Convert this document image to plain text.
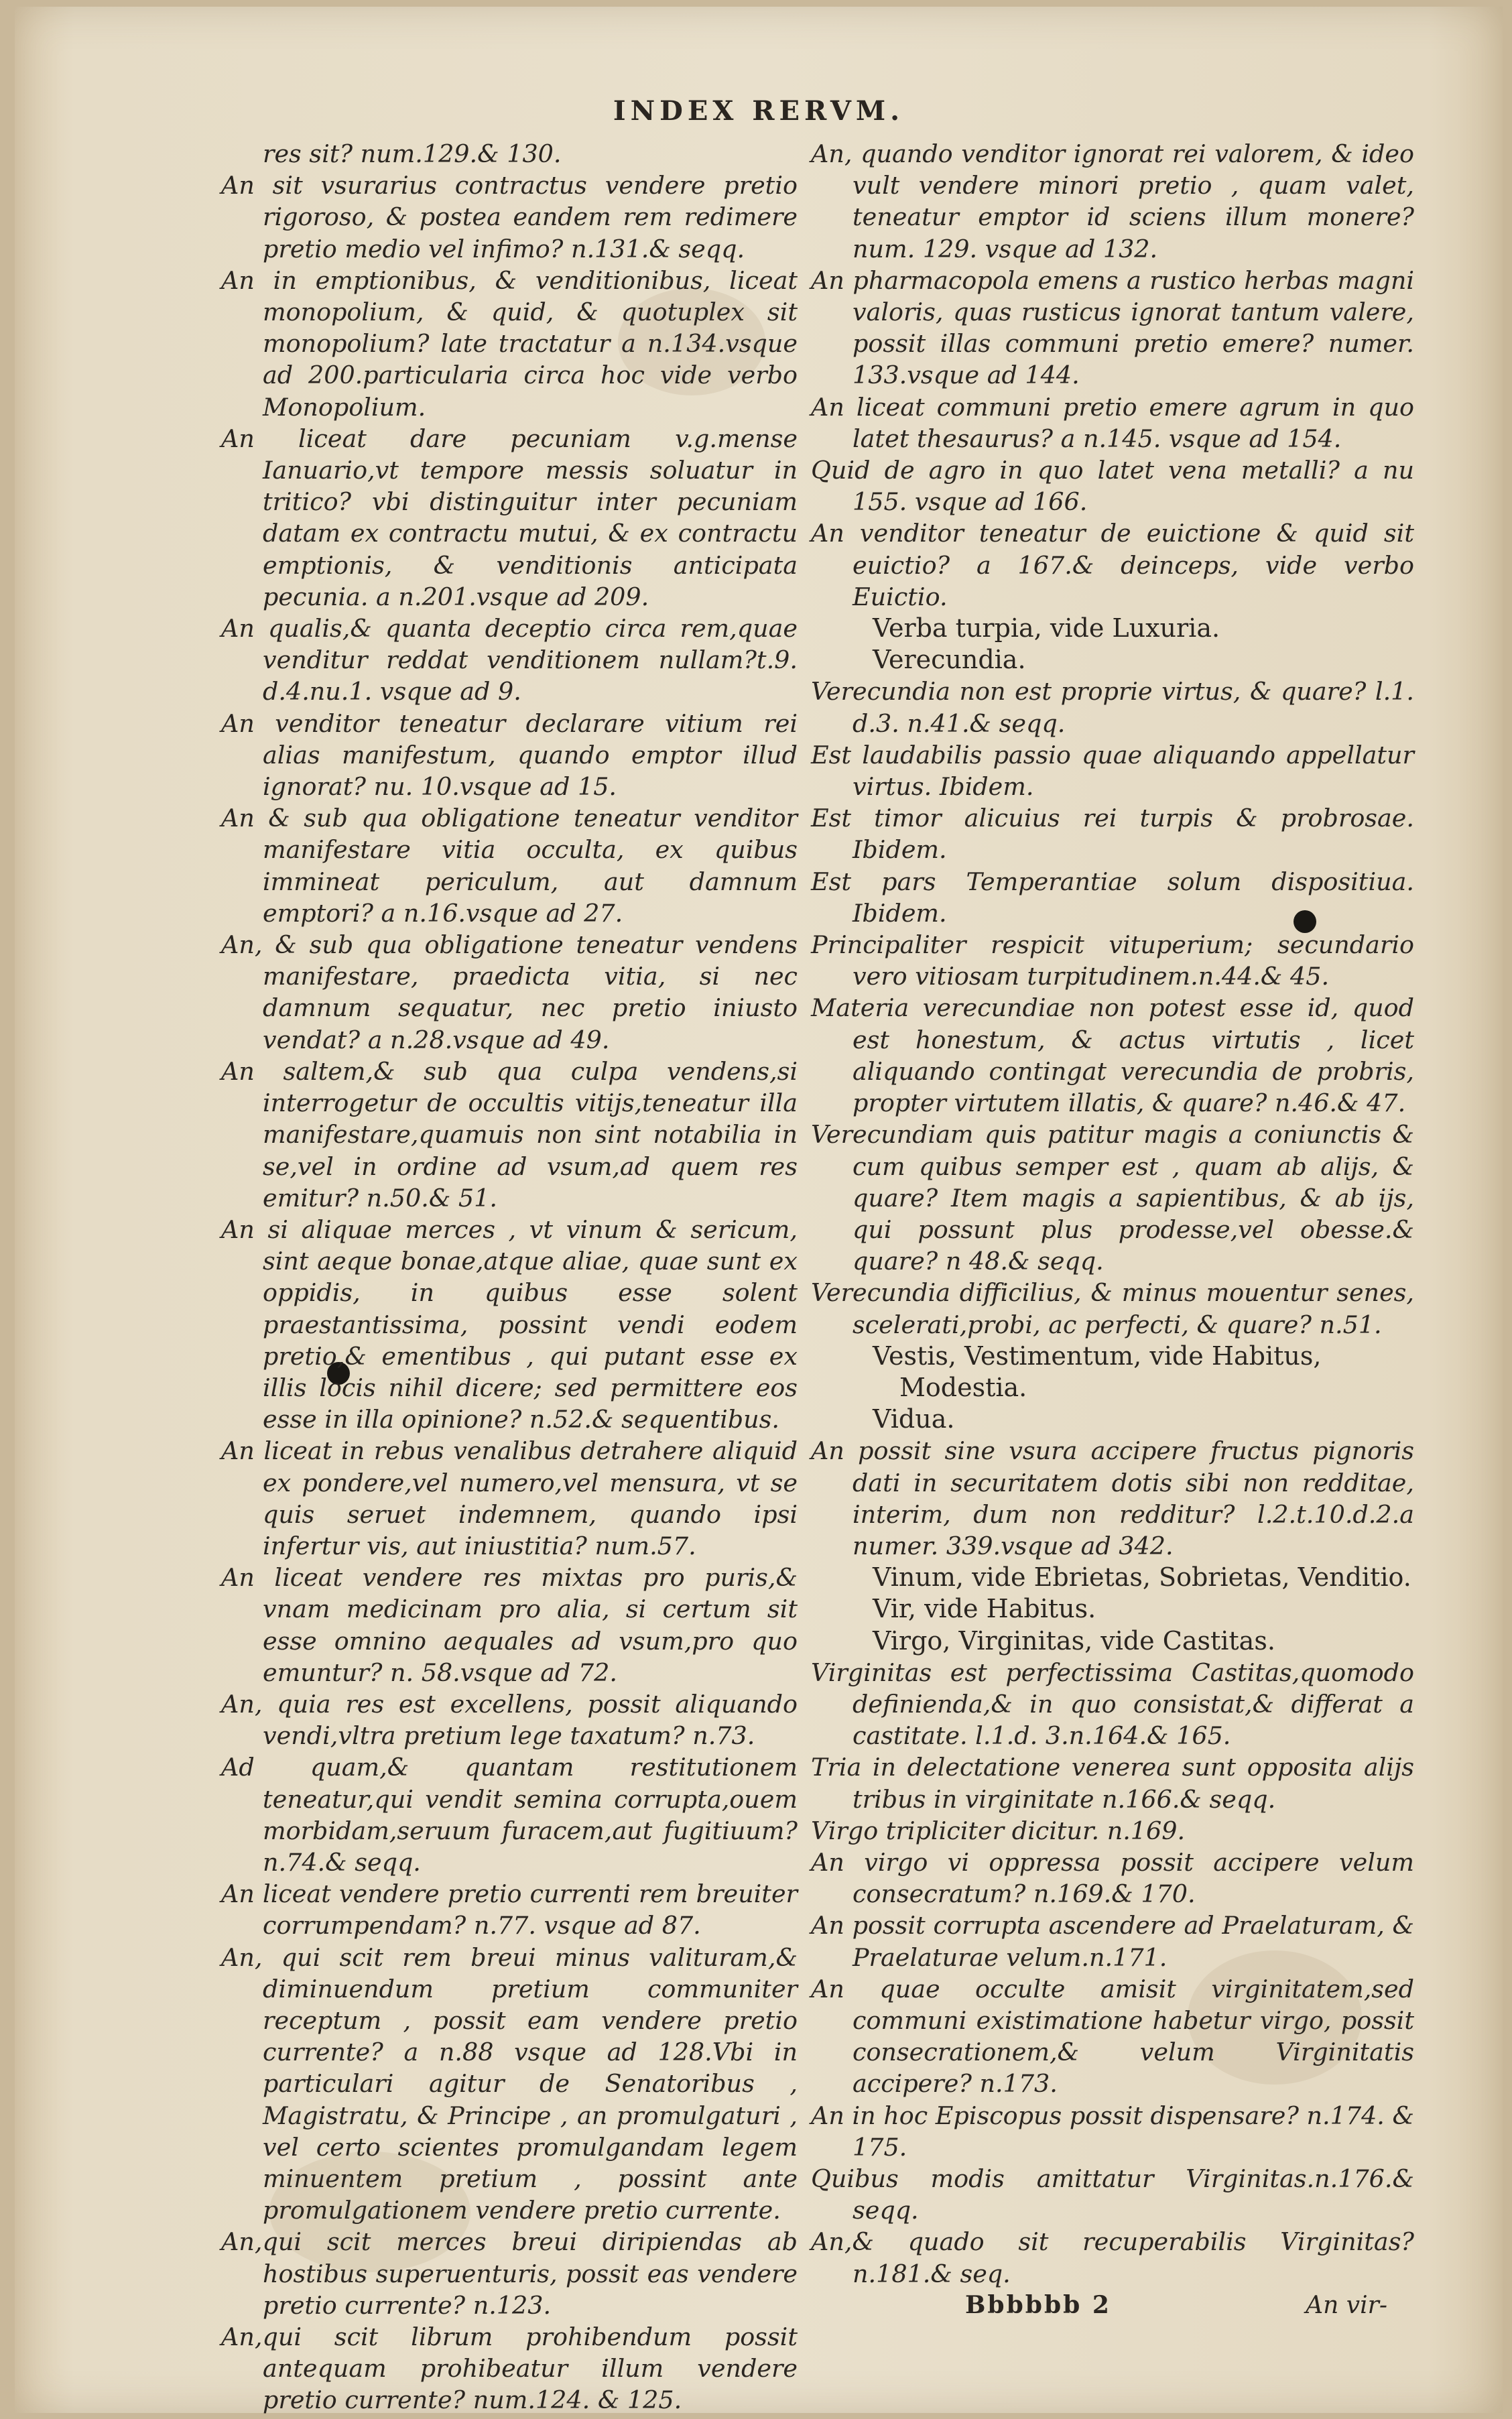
INDEX RERVM.
res sit? num.129.& 130.
An sit vsurarius contractus vendere pretio rigoroso, & postea eandem rem redimere pretio medio vel infimo? n.131.& seqq.
An in emptionibus, & venditionibus, liceat monopolium, & quid, & quotuplex sit monopolium? late tractatur a n.134.vsque ad 200.particularia circa hoc vide verbo Monopolium.
An liceat dare pecuniam v.g.mense Ianuario,vt tempore messis soluatur in tritico? vbi distinguitur inter pecuniam datam ex contractu mutui, & ex contractu emptionis, & venditionis anticipata pecunia. a n.201.vsque ad 209.
An qualis,& quanta deceptio circa rem,quae venditur reddat venditionem nullam?t.9. d.4.nu.1. vsque ad 9.
An venditor teneatur declarare vitium rei alias manifestum, quando emptor illud ignorat? nu. 10.vsque ad 15.
An & sub qua obligatione teneatur venditor manifestare vitia occulta, ex quibus immineat periculum, aut damnum emptori? a n.16.vsque ad 27.
An, & sub qua obligatione teneatur vendens manifestare, praedicta vitia, si nec damnum sequatur, nec pretio iniusto vendat? a n.28.vsque ad 49.
An saltem,& sub qua culpa vendens,si interrogetur de occultis vitijs,teneatur illa manifestare,quamuis non sint notabilia in se,vel in ordine ad vsum,ad quem res emitur? n.50.& 51.
An si aliquae merces , vt vinum & sericum, sint aeque bonae,atque aliae, quae sunt ex oppidis, in quibus esse solent praestantissima, possint vendi eodem pretio,& ementibus , qui putant esse ex illis locis nihil dicere; sed permittere eos esse in illa opinione? n.52.& sequentibus.
An liceat in rebus venalibus detrahere aliquid ex pondere,vel numero,vel mensura, vt se quis seruet indemnem, quando ipsi infertur vis, aut iniustitia? num.57.
An liceat vendere res mixtas pro puris,& vnam medicinam pro alia, si certum sit esse omnino aequales ad vsum,pro quo emuntur? n. 58.vsque ad 72.
An, quia res est excellens, possit aliquando vendi,vltra pretium lege taxatum? n.73.
Ad quam,& quantam restitutionem teneatur,qui vendit semina corrupta,ouem morbidam,seruum furacem,aut fugitiuum? n.74.& seqq.
An liceat vendere pretio currenti rem breuiter corrumpendam? n.77. vsque ad 87.
An, qui scit rem breui minus valituram,& diminuendum pretium communiter receptum , possit eam vendere pretio currente? a n.88 vsque ad 128.Vbi in particulari agitur de Senatoribus , Magistratu, & Principe , an promulgaturi , vel certo scientes promulgandam legem minuentem pretium , possint ante promulgationem vendere pretio currente.
An,qui scit merces breui diripiendas ab hostibus superuenturis, possit eas vendere pretio currente? n.123.
An,qui scit librum prohibendum possit antequam prohibeatur illum vendere pretio currente? num.124. & 125.
An, quando venditor ignorat rei valorem, & ideo vult vendere minori pretio , quam valet, teneatur emptor id sciens illum monere? num. 129. vsque ad 132.
An pharmacopola emens a rustico herbas magni valoris, quas rusticus ignorat tantum valere, possit illas communi pretio emere? numer. 133.vsque ad 144.
An liceat communi pretio emere agrum in quo latet thesaurus? a n.145. vsque ad 154.
Quid de agro in quo latet vena metalli? a nu 155. vsque ad 166.
An venditor teneatur de euictione & quid sit euictio? a 167.& deinceps, vide verbo Euictio.
Verba turpia, vide Luxuria.
Verecundia.
Verecundia non est proprie virtus, & quare? l.1. d.3. n.41.& seqq.
Est laudabilis passio quae aliquando appellatur virtus. Ibidem.
Est timor alicuius rei turpis & probrosae. Ibidem.
Est pars Temperantiae solum dispositiua. Ibidem.
Principaliter respicit vituperium; secundario vero vitiosam turpitudinem.n.44.& 45.
Materia verecundiae non potest esse id, quod est honestum, & actus virtutis , licet aliquando contingat verecundia de probris, propter virtutem illatis, & quare? n.46.& 47.
Verecundiam quis patitur magis a coniunctis & cum quibus semper est , quam ab alijs, & quare? Item magis a sapientibus, & ab ijs, qui possunt plus prodesse,vel obesse.& quare? n 48.& seqq.
Verecundia difficilius, & minus mouentur senes, scelerati,probi, ac perfecti, & quare? n.51.
Vestis, Vestimentum, vide Habitus, Modestia.
Vidua.
An possit sine vsura accipere fructus pignoris dati in securitatem dotis sibi non redditae, interim, dum non redditur? l.2.t.10.d.2.a numer. 339.vsque ad 342.
Vinum, vide Ebrietas, Sobrietas, Venditio.
Vir, vide Habitus.
Virgo, Virginitas, vide Castitas.
Virginitas est perfectissima Castitas,quomodo definienda,& in quo consistat,& differat a castitate. l.1.d. 3.n.164.& 165.
Tria in delectatione venerea sunt opposita alijs tribus in virginitate n.166.& seqq.
Virgo tripliciter dicitur. n.169.
An virgo vi oppressa possit accipere velum consecratum? n.169.& 170.
An possit corrupta ascendere ad Praelaturam, & Praelaturae velum.n.171.
An quae occulte amisit virginitatem,sed communi existimatione habetur virgo, possit consecrationem,& velum Virginitatis accipere? n.173.
An in hoc Episcopus possit dispensare? n.174. & 175.
Quibus modis amittatur Virginitas.n.176.& seqq.
An,& quado sit recuperabilis Virginitas? n.181.& seq.
Bbbbbb 2	An vir-
